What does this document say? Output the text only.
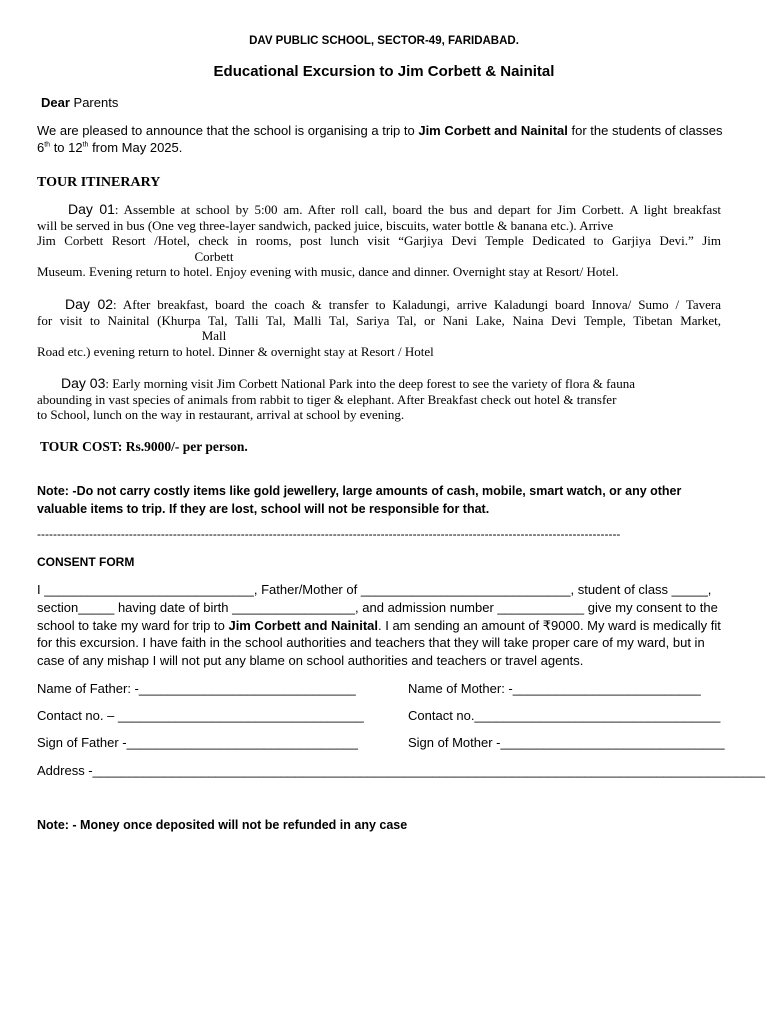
DAV PUBLIC SCHOOL, SECTOR-49, FARIDABAD.
Educational Excursion to Jim Corbett & Nainital
Dear Parents
We are pleased to announce that the school is organising a trip to Jim Corbett and Nainital for the students of classes
6th to 12th from May 2025.
TOUR ITINERARY
Day 01: Assemble at school by 5:00 am. After roll call, board the bus and depart for Jim Corbett. A light breakfast
will be served in bus (One veg three-layer sandwich, packed juice, biscuits, water bottle & banana etc.). Arrive
Jim Corbett Resort /Hotel, check in rooms, post lunch visit “Garjiya Devi Temple Dedicated to Garjiya Devi.” Jim
Corbett
Museum. Evening return to hotel. Enjoy evening with music, dance and dinner. Overnight stay at Resort/ Hotel.
Day 02: After breakfast, board the coach & transfer to Kaladungi, arrive Kaladungi board Innova/ Sumo / Tavera
for visit to Nainital (Khurpa Tal, Talli Tal, Malli Tal, Sariya Tal, or Nani Lake, Naina Devi Temple, Tibetan Market,
Mall
Road etc.) evening return to hotel. Dinner & overnight stay at Resort / Hotel
Day 03: Early morning visit Jim Corbett National Park into the deep forest to see the variety of flora & fauna
abounding in vast species of animals from rabbit to tiger & elephant. After Breakfast check out hotel & transfer
to School, lunch on the way in restaurant, arrival at school by evening.
TOUR COST: Rs.9000/- per person.
Note: -Do not carry costly items like gold jewellery, large amounts of cash, mobile, smart watch, or any other valuable items to trip. If they are lost, school will not be responsible for that.
--------------------------------------------------------------------------------------------------------------------------------------------------
CONSENT FORM
I _____________________________, Father/Mother of _____________________________, student of class _____, section_____ having date of birth _________________, and admission number ____________ give my consent to the school to take my ward for trip to Jim Corbett and Nainital. I am sending an amount of ₹9000. My ward is medically fit for this excursion. I have faith in the school authorities and teachers that they will take proper care of my ward, but in case of any mishap I will not put any blame on school authorities and teachers or travel agents.
Name of Father: -______________________________	Name of Mother: -__________________________
Contact no. – __________________________________	Contact no.__________________________________
Sign of Father -________________________________	Sign of Mother -_______________________________
Address -_____________________________________________________________________________________________
Note: - Money once deposited will not be refunded in any case
